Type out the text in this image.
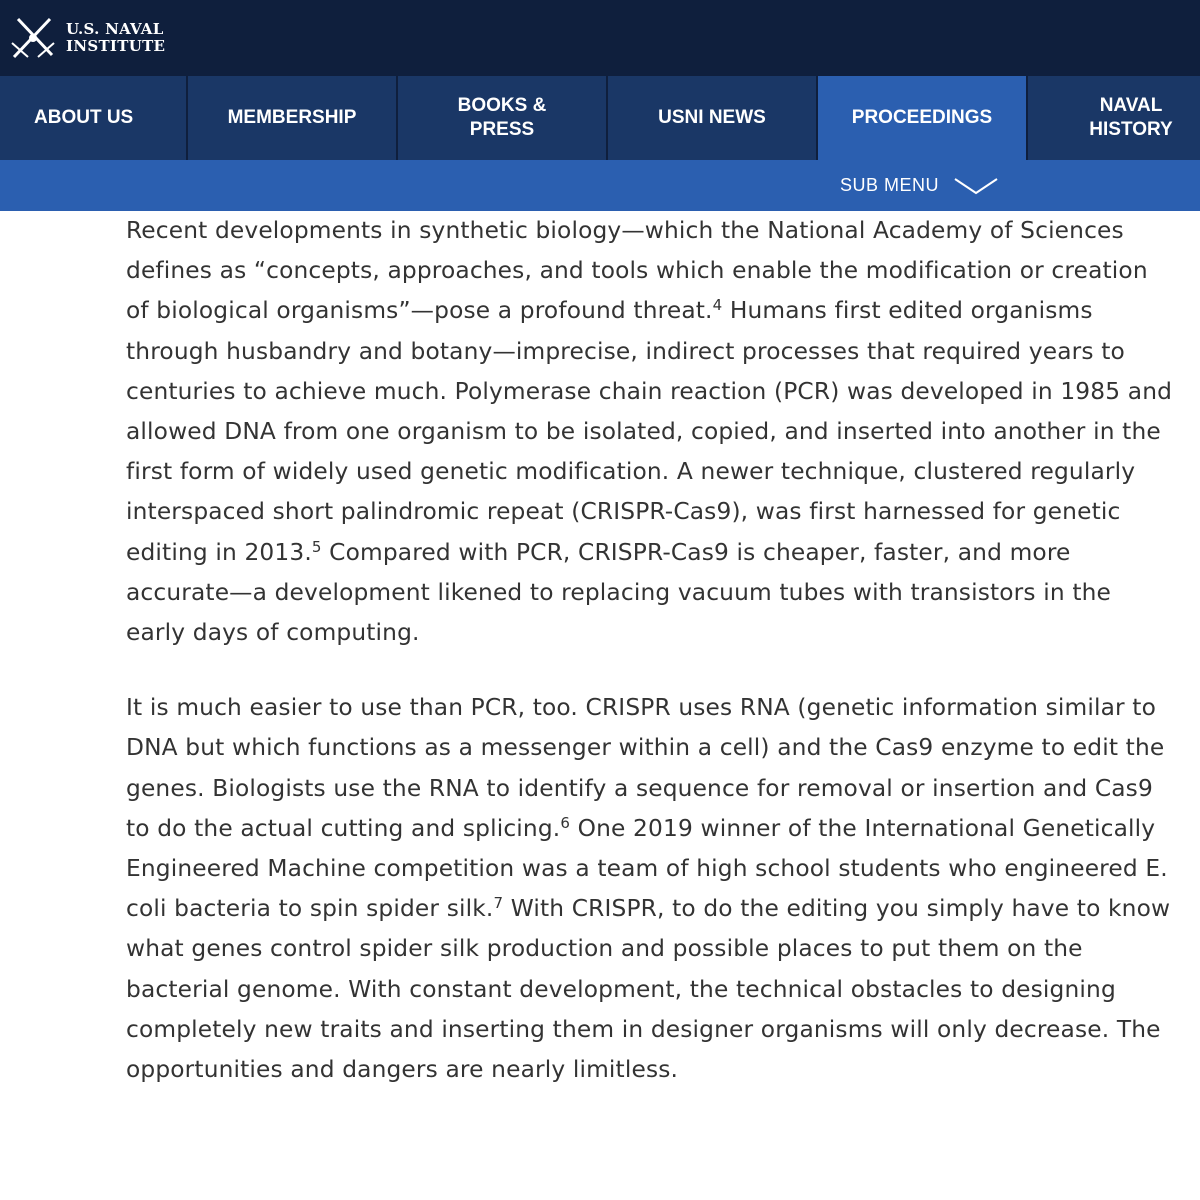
U.S. NAVAL
INSTITUTE
ABOUT US	MEMBERSHIP
BOOKS & PRESS
USNI NEWS	PROCEEDINGS
NAVAL HISTORY
SUB MENU

Recent developments in synthetic biology—which the National Academy of Sciences defines as “concepts, approaches, and tools which enable the modification or creation of biological organisms”—pose a profound threat.$^4$ Humans first edited organisms through husbandry and botany—imprecise, indirect processes that required years to centuries to achieve much. Polymerase chain reaction (PCR) was developed in 1985 and allowed DNA from one organism to be isolated, copied, and inserted into another in the first form of widely used genetic modification. A newer technique, clustered regularly interspaced short palindromic repeat (CRISPR-Cas9), was first harnessed for genetic editing in 2013.$^5$ Compared with PCR, CRISPR-Cas9 is cheaper, faster, and more accurate—a development likened to replacing vacuum tubes with transistors in the early days of computing.

It is much easier to use than PCR, too. CRISPR uses RNA (genetic information similar to DNA but which functions as a messenger within a cell) and the Cas9 enzyme to edit the genes. Biologists use the RNA to identify a sequence for removal or insertion and Cas9 to do the actual cutting and splicing.$^6$ One 2019 winner of the International Genetically Engineered Machine competition was a team of high school students who engineered E. coli bacteria to spin spider silk.$^7$ With CRISPR, to do the editing you simply have to know what genes control spider silk production and possible places to put them on the bacterial genome. With constant development, the technical obstacles to designing completely new traits and inserting them in designer organisms will only decrease. The opportunities and dangers are nearly limitless.
